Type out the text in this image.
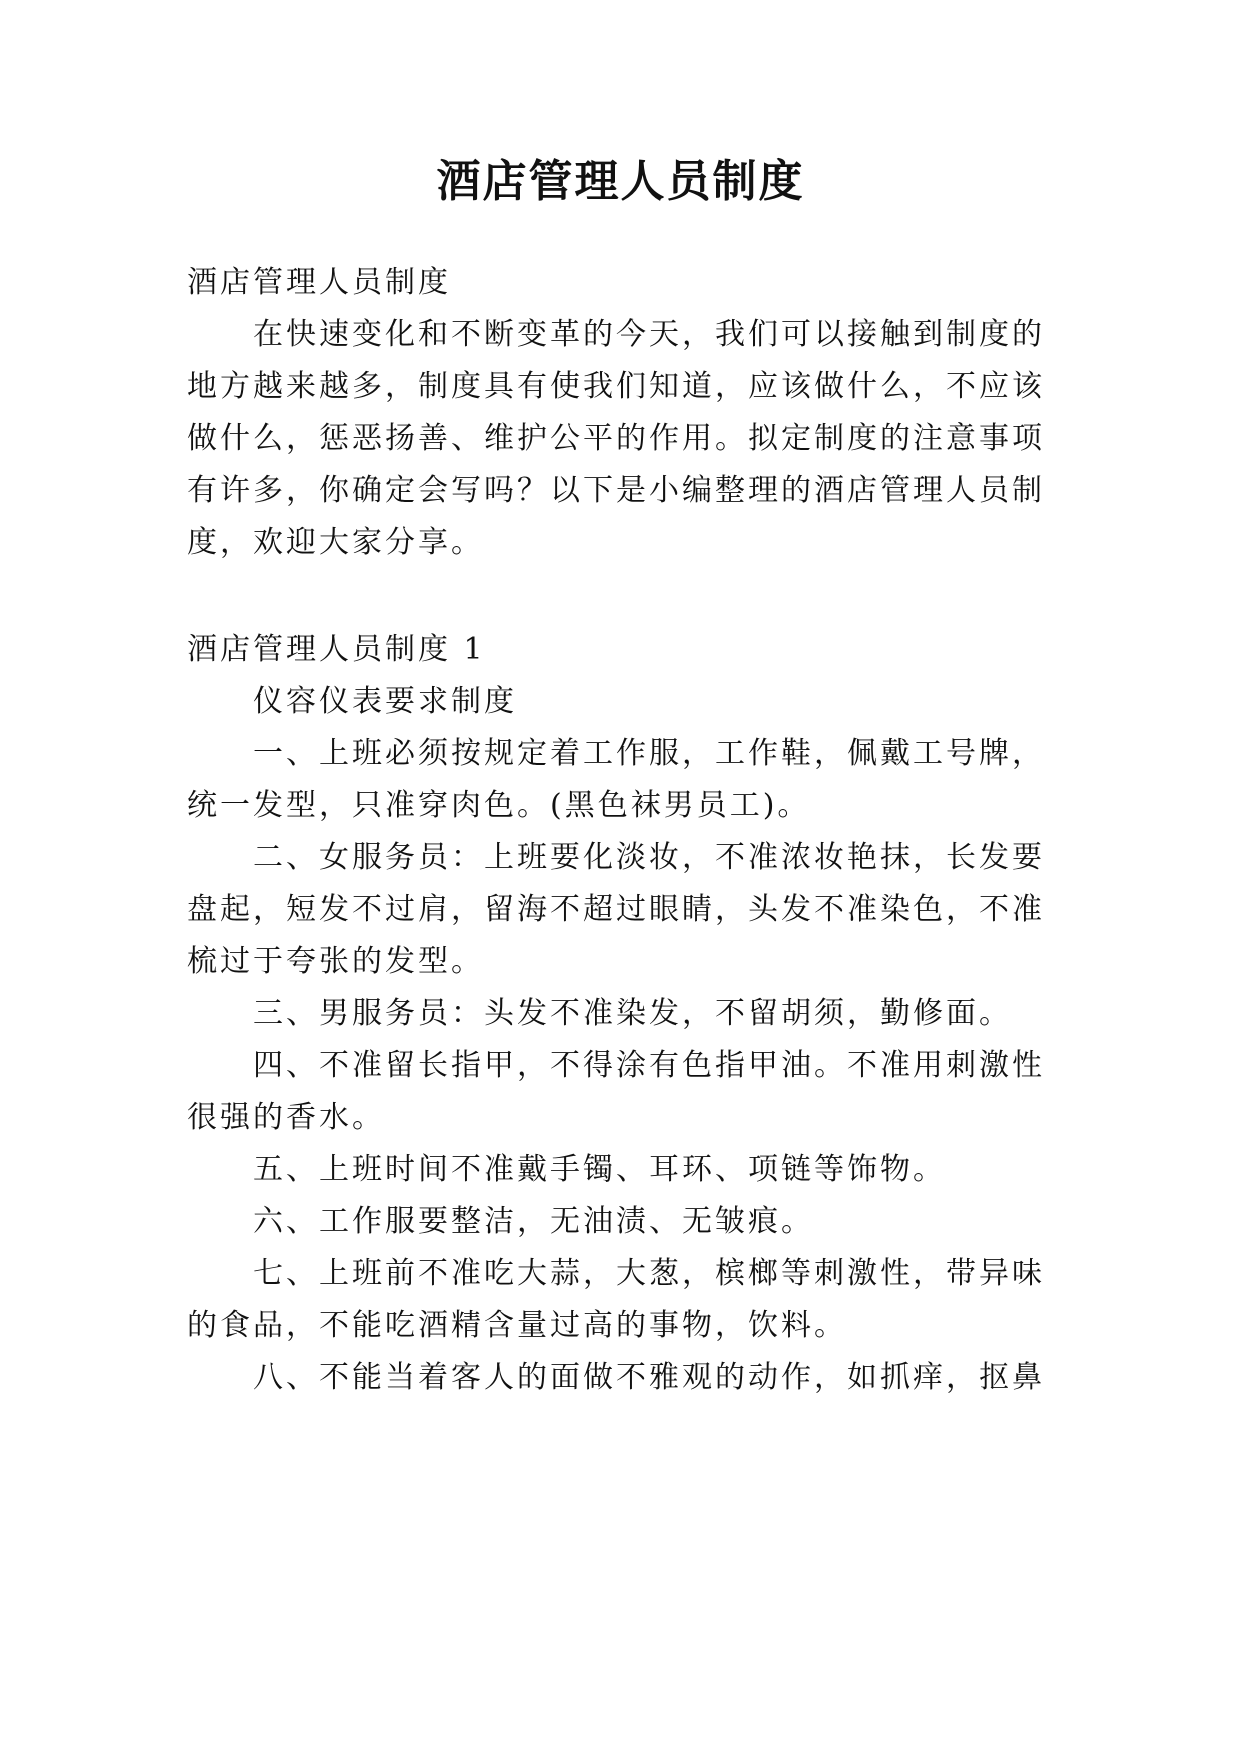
酒店管理人员制度
酒店管理人员制度
在快速变化和不断变革的今天，我们可以接触到制度的
地方越来越多，制度具有使我们知道，应该做什么，不应该
做什么，惩恶扬善、维护公平的作用。拟定制度的注意事项
有许多，你确定会写吗？以下是小编整理的酒店管理人员制
度，欢迎大家分享。
酒店管理人员制度 1
仪容仪表要求制度
一、上班必须按规定着工作服，工作鞋，佩戴工号牌，
统一发型，只准穿肉色。(黑色袜男员工)。
二、女服务员：上班要化淡妆，不准浓妆艳抹，长发要
盘起，短发不过肩，留海不超过眼睛，头发不准染色，不准
梳过于夸张的发型。
三、男服务员：头发不准染发，不留胡须，勤修面。
四、不准留长指甲，不得涂有色指甲油。不准用刺激性
很强的香水。
五、上班时间不准戴手镯、耳环、项链等饰物。
六、工作服要整洁，无油渍、无皱痕。
七、上班前不准吃大蒜，大葱，槟榔等刺激性，带异味
的食品，不能吃酒精含量过高的事物，饮料。
八、不能当着客人的面做不雅观的动作，如抓痒，抠鼻
